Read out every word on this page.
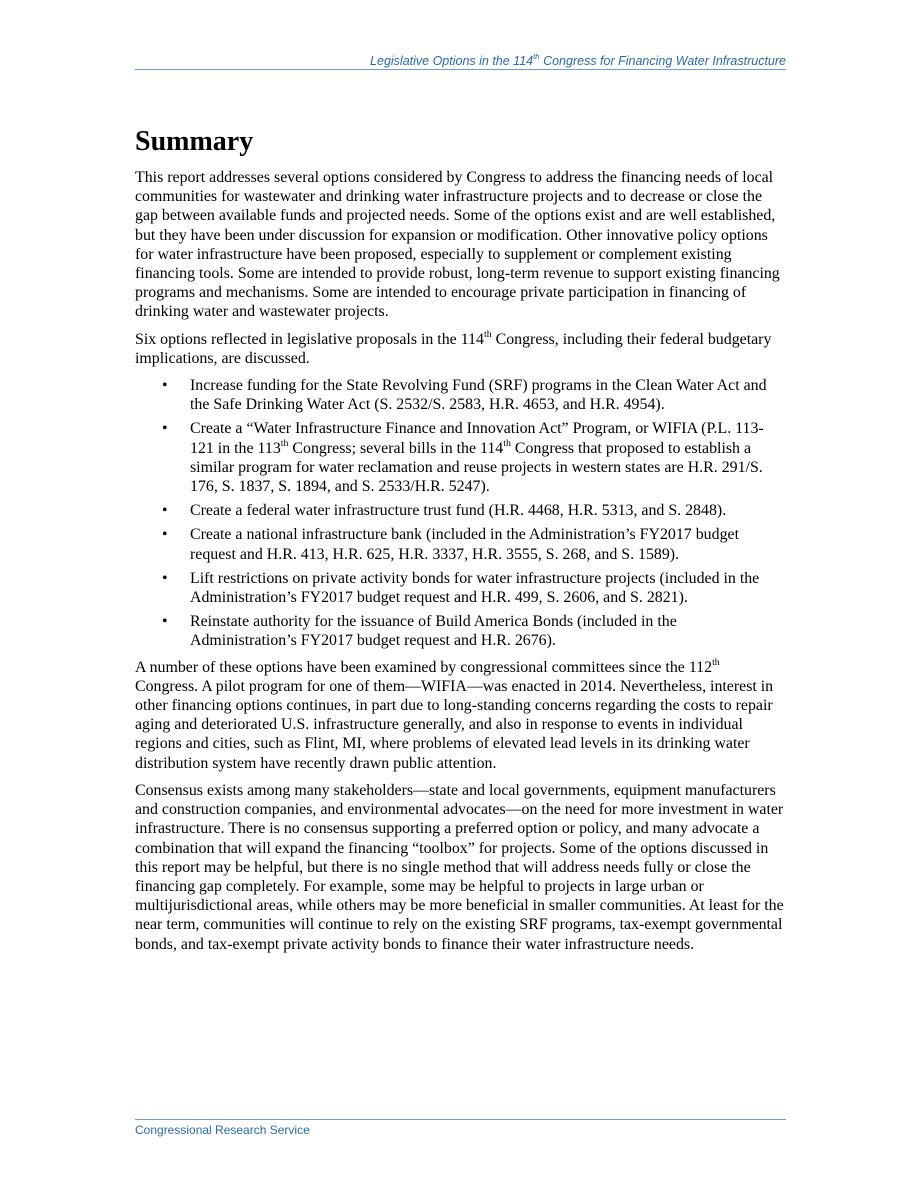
Legislative Options in the 114th Congress for Financing Water Infrastructure
Summary

This report addresses several options considered by Congress to address the financing needs of local communities for wastewater and drinking water infrastructure projects and to decrease or close the gap between available funds and projected needs. Some of the options exist and are well established, but they have been under discussion for expansion or modification. Other innovative policy options for water infrastructure have been proposed, especially to supplement or complement existing financing tools. Some are intended to provide robust, long-term revenue to support existing financing programs and mechanisms. Some are intended to encourage private participation in financing of drinking water and wastewater projects.

Six options reflected in legislative proposals in the 114th Congress, including their federal budgetary implications, are discussed.

• Increase funding for the State Revolving Fund (SRF) programs in the Clean Water Act and the Safe Drinking Water Act (S. 2532/S. 2583, H.R. 4653, and H.R. 4954).
• Create a “Water Infrastructure Finance and Innovation Act” Program, or WIFIA (P.L. 113-121 in the 113th Congress; several bills in the 114th Congress that proposed to establish a similar program for water reclamation and reuse projects in western states are H.R. 291/S. 176, S. 1837, S. 1894, and S. 2533/H.R. 5247).
• Create a federal water infrastructure trust fund (H.R. 4468, H.R. 5313, and S. 2848).
• Create a national infrastructure bank (included in the Administration’s FY2017 budget request and H.R. 413, H.R. 625, H.R. 3337, H.R. 3555, S. 268, and S. 1589).
• Lift restrictions on private activity bonds for water infrastructure projects (included in the Administration’s FY2017 budget request and H.R. 499, S. 2606, and S. 2821).
• Reinstate authority for the issuance of Build America Bonds (included in the Administration’s FY2017 budget request and H.R. 2676).

A number of these options have been examined by congressional committees since the 112th Congress. A pilot program for one of them—WIFIA—was enacted in 2014. Nevertheless, interest in other financing options continues, in part due to long-standing concerns regarding the costs to repair aging and deteriorated U.S. infrastructure generally, and also in response to events in individual regions and cities, such as Flint, MI, where problems of elevated lead levels in its drinking water distribution system have recently drawn public attention.

Consensus exists among many stakeholders—state and local governments, equipment manufacturers and construction companies, and environmental advocates—on the need for more investment in water infrastructure. There is no consensus supporting a preferred option or policy, and many advocate a combination that will expand the financing “toolbox” for projects. Some of the options discussed in this report may be helpful, but there is no single method that will address needs fully or close the financing gap completely. For example, some may be helpful to projects in large urban or multijurisdictional areas, while others may be more beneficial in smaller communities. At least for the near term, communities will continue to rely on the existing SRF programs, tax-exempt governmental bonds, and tax-exempt private activity bonds to finance their water infrastructure needs.

Congressional Research Service
